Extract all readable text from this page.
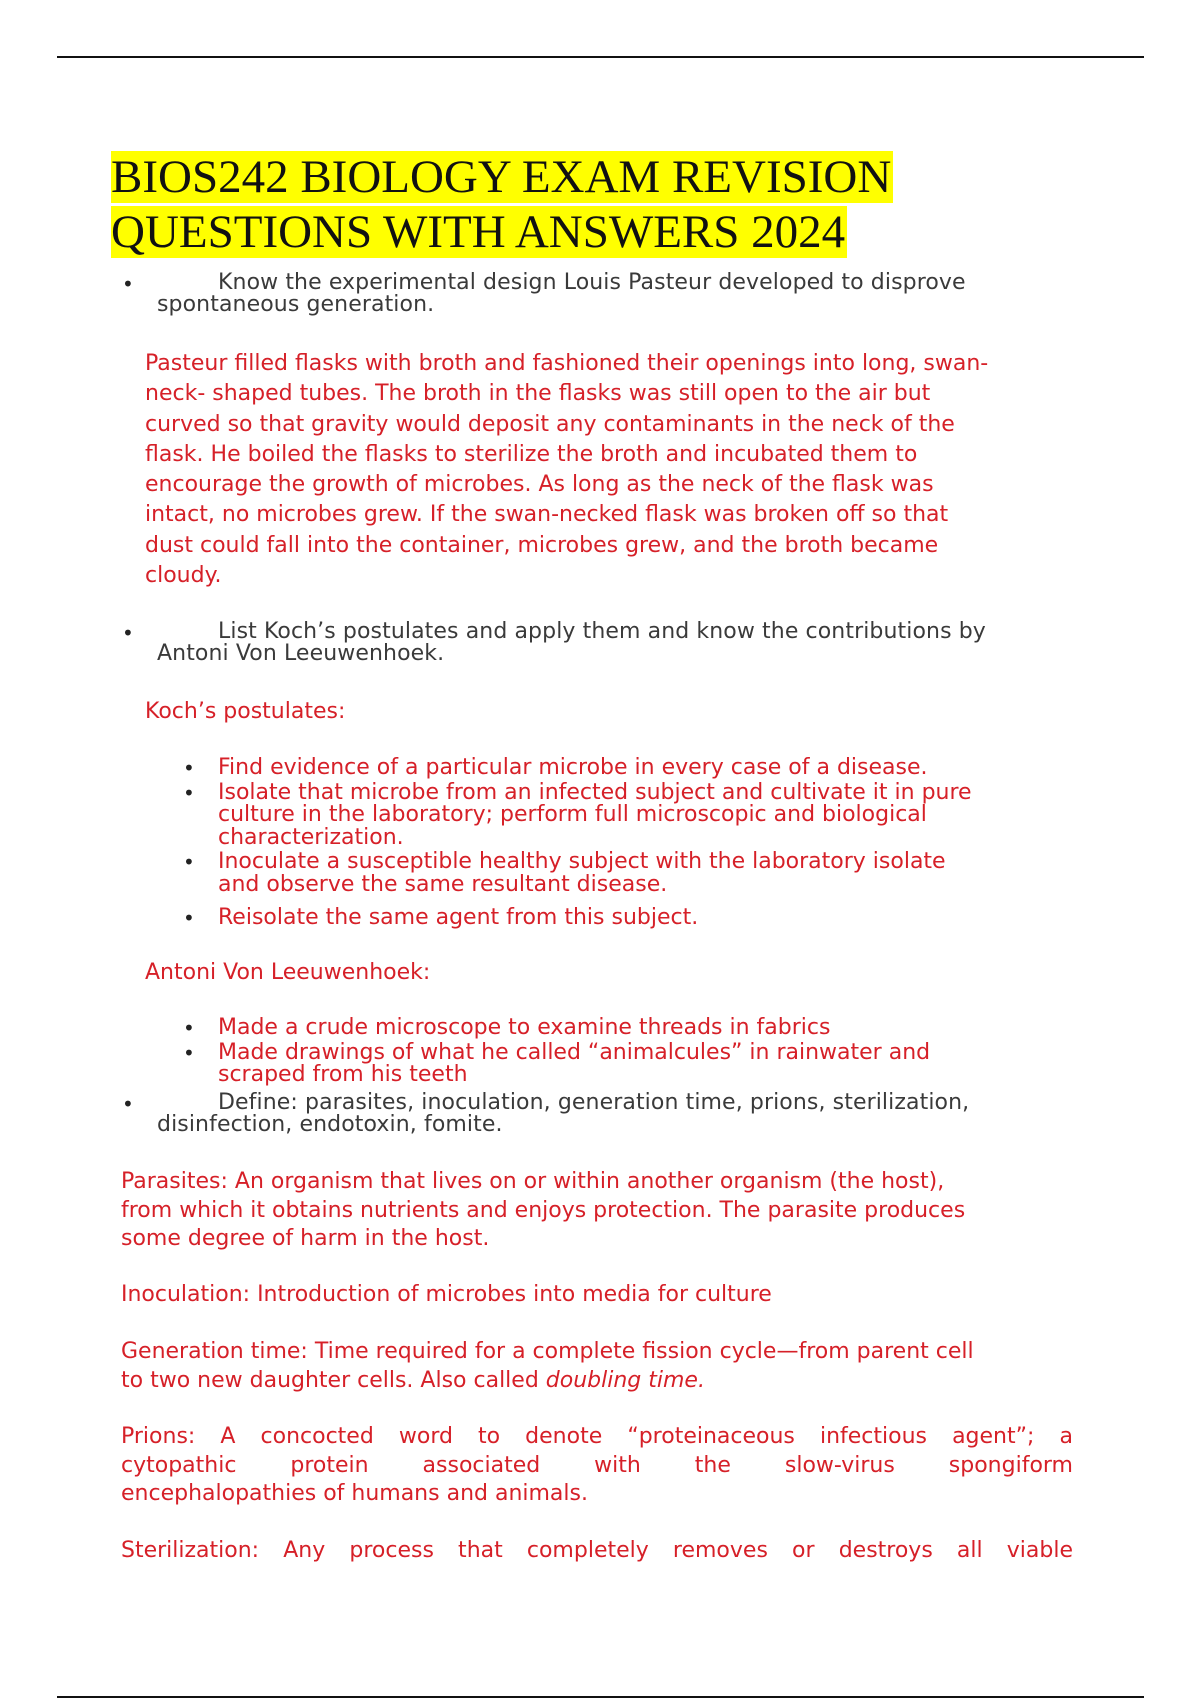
BIOS242 BIOLOGY EXAM REVISION
QUESTIONS WITH ANSWERS 2024
•	Know the experimental design Louis Pasteur developed to disprove
spontaneous generation.
Pasteur filled flasks with broth and fashioned their openings into long, swan-
neck- shaped tubes. The broth in the flasks was still open to the air but
curved so that gravity would deposit any contaminants in the neck of the
flask. He boiled the flasks to sterilize the broth and incubated them to
encourage the growth of microbes. As long as the neck of the flask was
intact, no microbes grew. If the swan-necked flask was broken off so that
dust could fall into the container, microbes grew, and the broth became
cloudy.
•	List Koch’s postulates and apply them and know the contributions by
Antoni Von Leeuwenhoek.
Koch’s postulates:
• Find evidence of a particular microbe in every case of a disease.
• Isolate that microbe from an infected subject and cultivate it in pure
culture in the laboratory; perform full microscopic and biological
characterization.
• Inoculate a susceptible healthy subject with the laboratory isolate
and observe the same resultant disease.
• Reisolate the same agent from this subject.
Antoni Von Leeuwenhoek:
• Made a crude microscope to examine threads in fabrics
• Made drawings of what he called “animalcules” in rainwater and
scraped from his teeth
•	Define: parasites, inoculation, generation time, prions, sterilization,
disinfection, endotoxin, fomite.
Parasites: An organism that lives on or within another organism (the host),
from which it obtains nutrients and enjoys protection. The parasite produces
some degree of harm in the host.
Inoculation: Introduction of microbes into media for culture
Generation time: Time required for a complete fission cycle—from parent cell
to two new daughter cells. Also called doubling time.
Prions: A concocted word to denote “proteinaceous infectious agent”; a
cytopathic protein associated with the slow-virus spongiform
encephalopathies of humans and animals.
Sterilization: Any process that completely removes or destroys all viable
